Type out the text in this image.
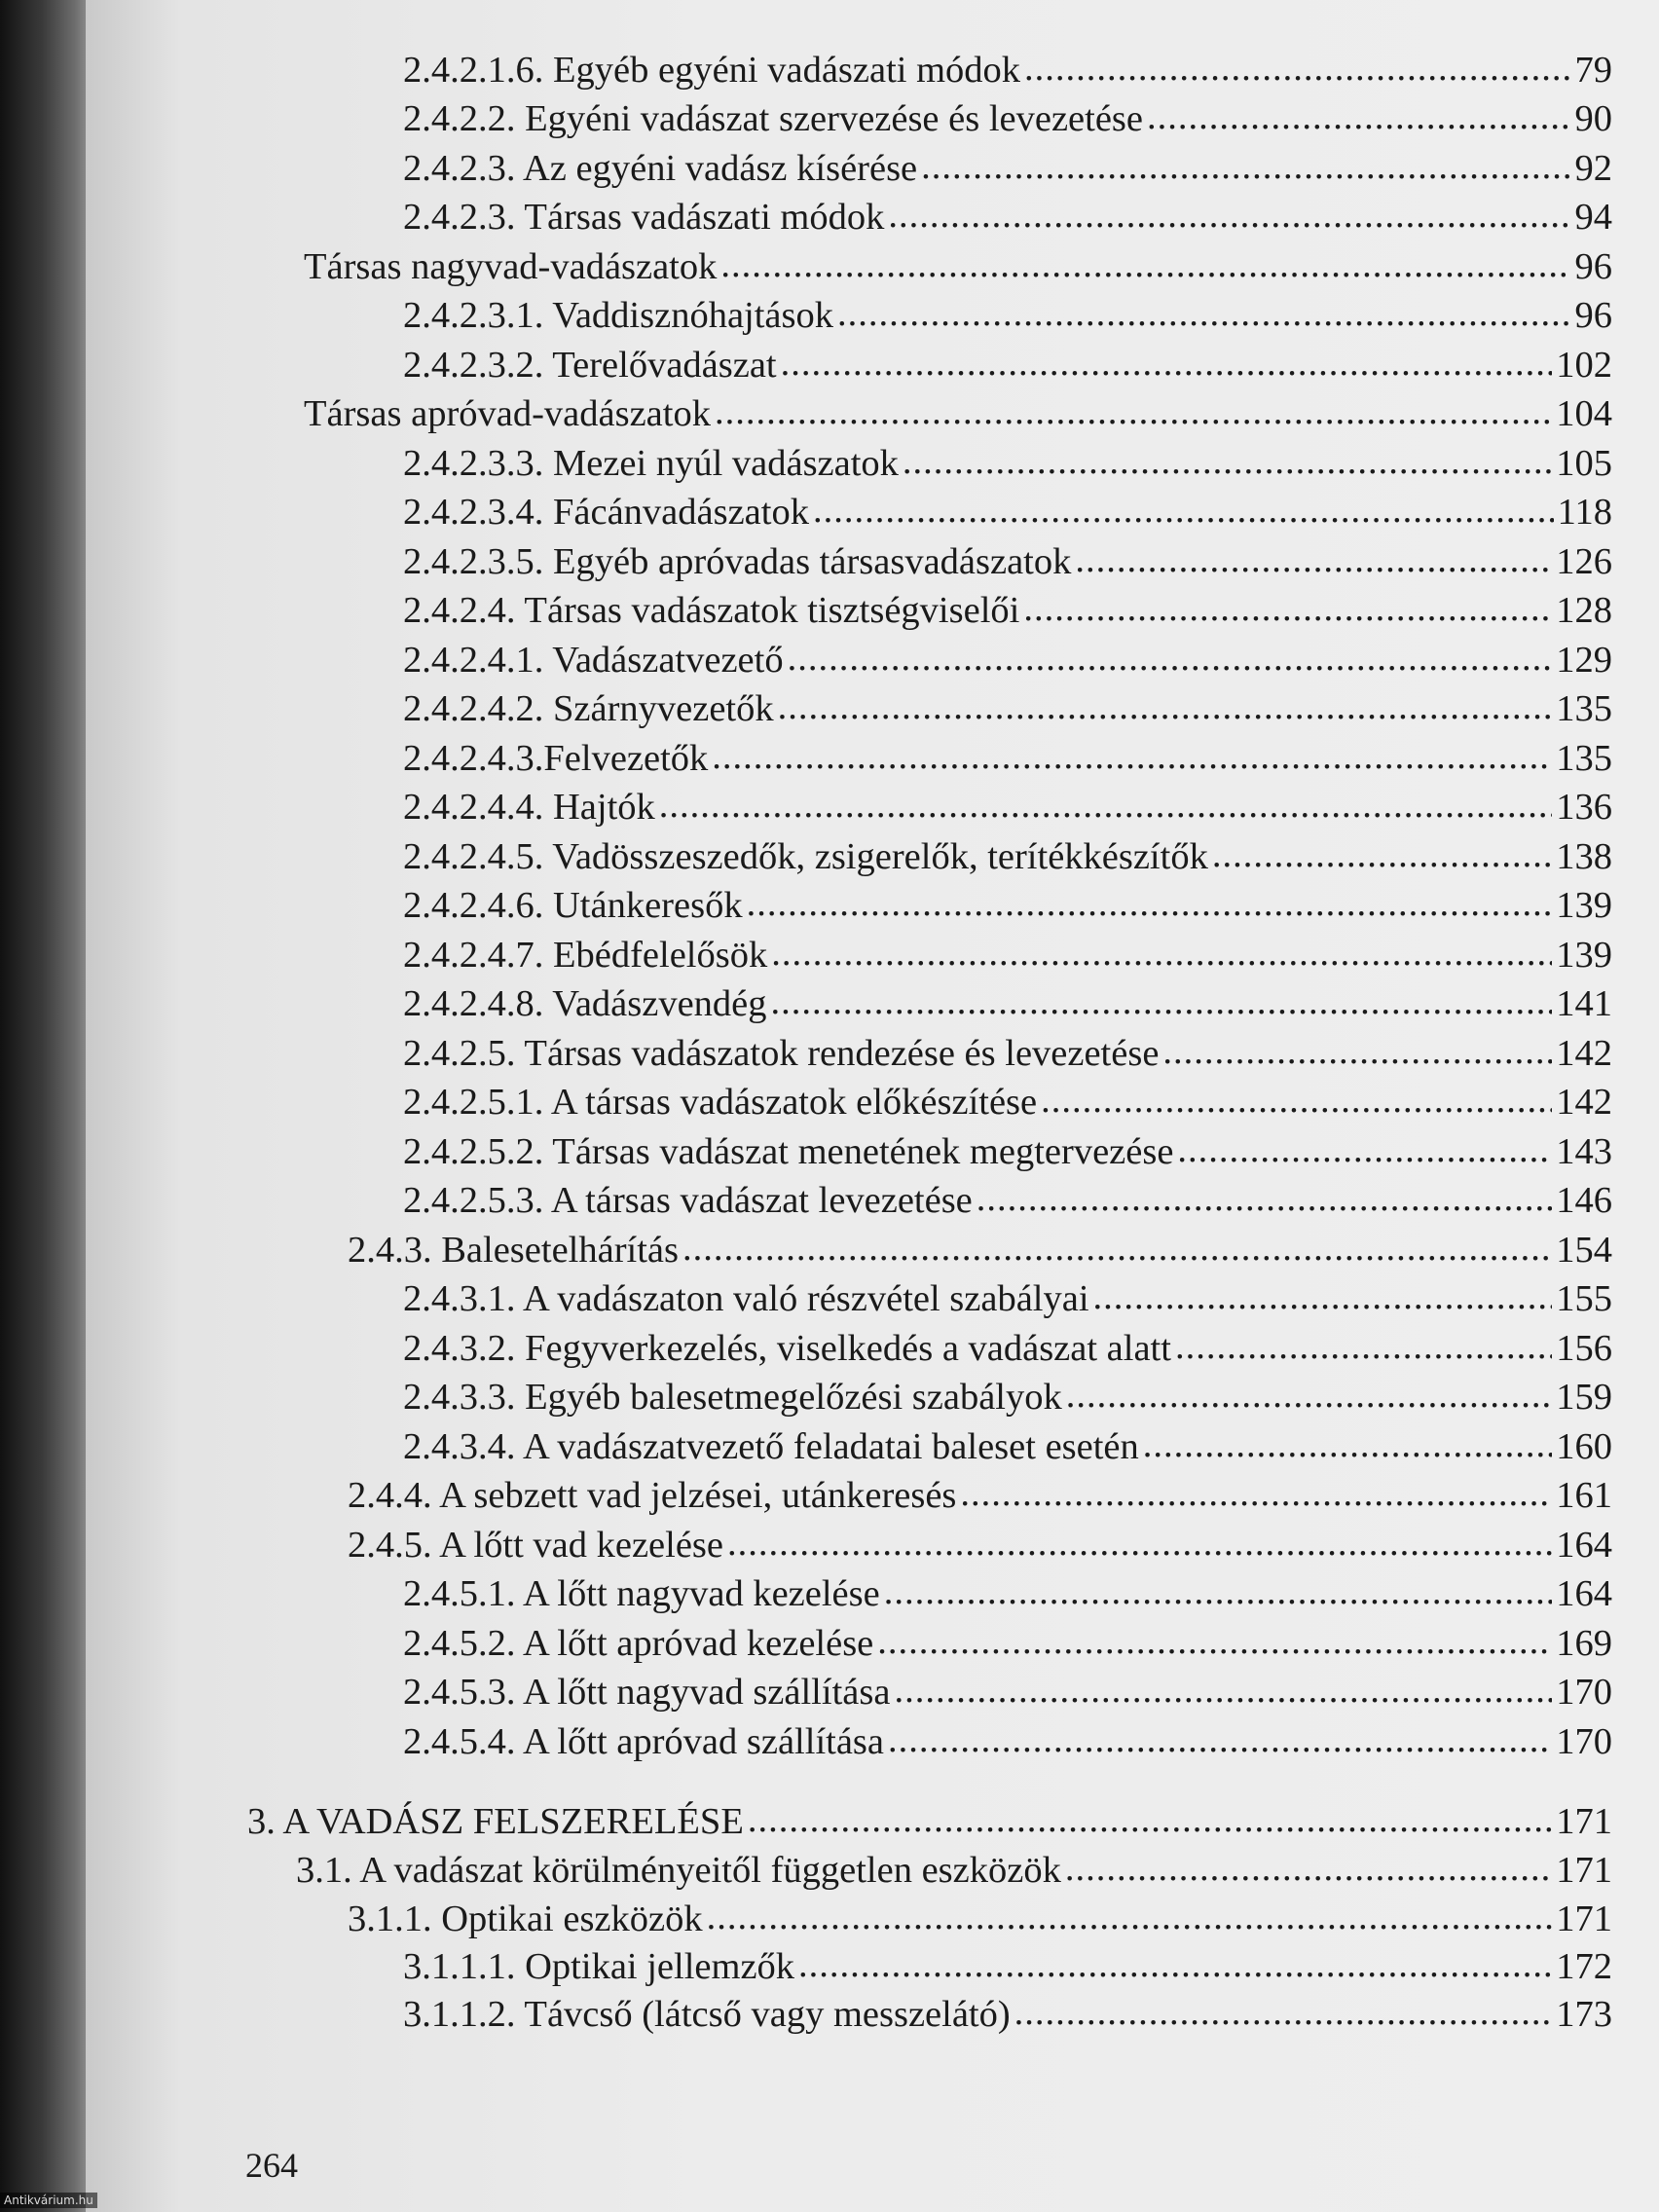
2.4.2.1.6. Egyéb egyéni vadászati módok .....	79
2.4.2.2. Egyéni vadászat szervezése és levezetése .....	90
2.4.2.3. Az egyéni vadász kísérése .....	92
2.4.2.3. Társas vadászati módok .....	94
Társas nagyvad-vadászatok .....	96
2.4.2.3.1. Vaddisznóhajtások .....	96
2.4.2.3.2. Terelővadászat .....	102
Társas apróvad-vadászatok .....	104
2.4.2.3.3. Mezei nyúl vadászatok .....	105
2.4.2.3.4. Fácánvadászatok .....	118
2.4.2.3.5. Egyéb apróvadas társasvadászatok .....	126
2.4.2.4. Társas vadászatok tisztségviselői .....	128
2.4.2.4.1. Vadászatvezető .....	129
2.4.2.4.2. Szárnyvezetők .....	135
2.4.2.4.3.Felvezetők .....	135
2.4.2.4.4. Hajtók .....	136
2.4.2.4.5. Vadösszeszedők, zsigerelők, terítékkészítők .....	138
2.4.2.4.6. Utánkeresők .....	139
2.4.2.4.7. Ebédfelelősök .....	139
2.4.2.4.8. Vadászvendég .....	141
2.4.2.5. Társas vadászatok rendezése és levezetése .....	142
2.4.2.5.1. A társas vadászatok előkészítése .....	142
2.4.2.5.2. Társas vadászat menetének megtervezése .....	143
2.4.2.5.3. A társas vadászat levezetése .....	146
2.4.3. Balesetelhárítás .....	154
2.4.3.1. A vadászaton való részvétel szabályai .....	155
2.4.3.2. Fegyverkezelés, viselkedés a vadászat alatt .....	156
2.4.3.3. Egyéb balesetmegelőzési szabályok .....	159
2.4.3.4. A vadászatvezető feladatai baleset esetén .....	160
2.4.4. A sebzett vad jelzései, utánkeresés .....	161
2.4.5. A lőtt vad kezelése .....	164
2.4.5.1. A lőtt nagyvad kezelése .....	164
2.4.5.2. A lőtt apróvad kezelése .....	169
2.4.5.3. A lőtt nagyvad szállítása .....	170
2.4.5.4. A lőtt apróvad szállítása .....	170
3. A VADÁSZ FELSZERELÉSE .....	171
3.1. A vadászat körülményeitől független eszközök .....	171
3.1.1. Optikai eszközök .....	171
3.1.1.1. Optikai jellemzők .....	172
3.1.1.2. Távcső (látcső vagy messzelátó) .....	173
264
Antikvárium.hu
